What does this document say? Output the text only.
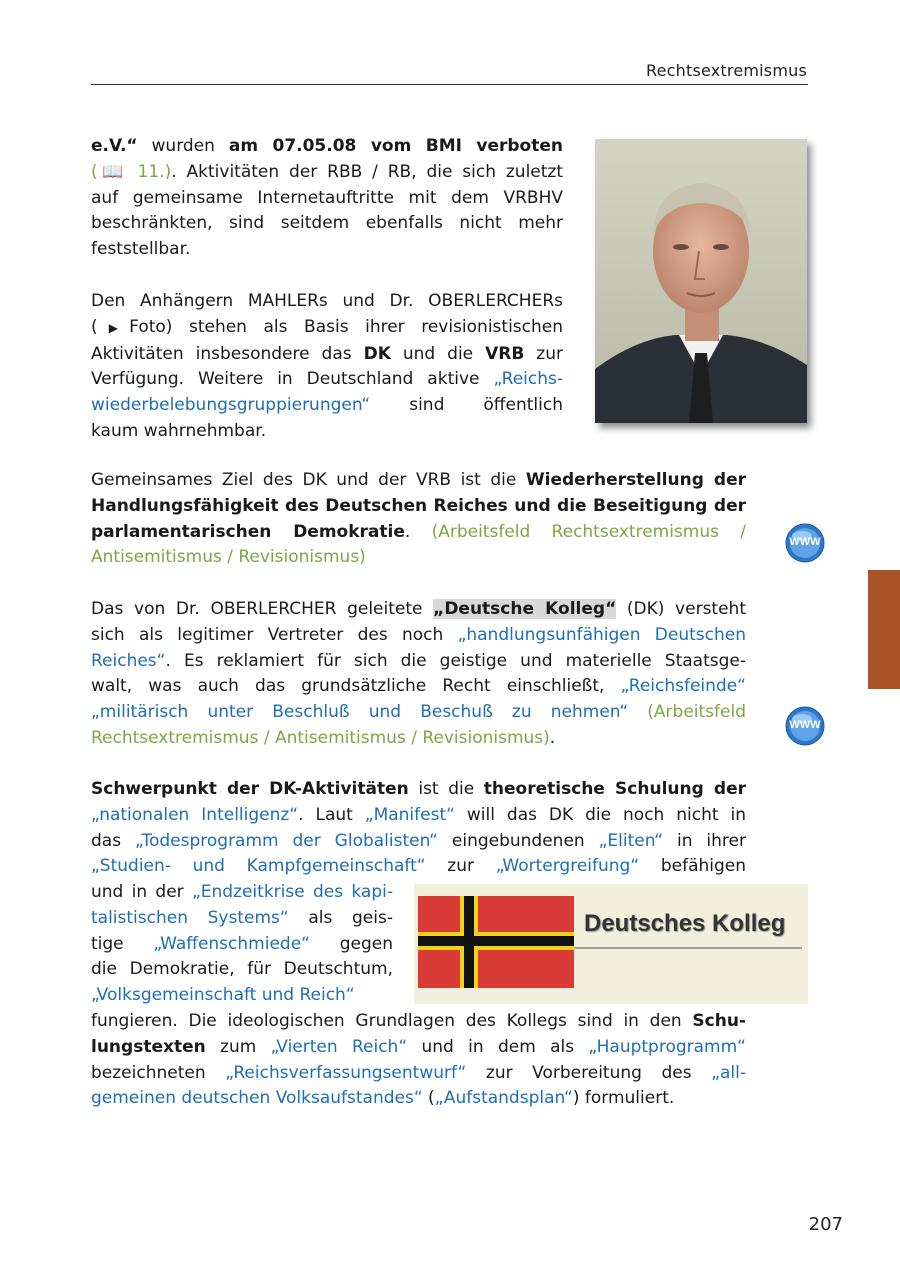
Rechtsextremismus
e.V.“ wurden am 07.05.08 vom BMI verboten
(📖 11.). Aktivitäten der RBB / RB, die sich zuletzt
auf gemeinsame Internetauftritte mit dem VRBHV
beschränkten, sind seitdem ebenfalls nicht mehr
feststellbar.
Den Anhängern MAHLERs und Dr. OBERLERCHERs
(▶Foto) stehen als Basis ihrer revisionistischen
Aktivitäten insbesondere das DK und die VRB zur
Verfügung. Weitere in Deutschland aktive „Reichs-
wiederbelebungsgruppierungen“ sind öffentlich
kaum wahrnehmbar.
Gemeinsames Ziel des DK und der VRB ist die Wiederherstellung der
Handlungsfähigkeit des Deutschen Reiches und die Beseitigung der
parlamentarischen Demokratie. (Arbeitsfeld Rechtsextremismus /
Antisemitismus / Revisionismus)
Das von Dr. OBERLERCHER geleitete „Deutsche Kolleg“ (DK) versteht
sich als legitimer Vertreter des noch „handlungsunfähigen Deutschen
Reiches“. Es reklamiert für sich die geistige und materielle Staatsge-
walt, was auch das grundsätzliche Recht einschließt, „Reichsfeinde“
„militärisch unter Beschluß und Beschuß zu nehmen“ (Arbeitsfeld
Rechtsextremismus / Antisemitismus / Revisionismus).
Schwerpunkt der DK-Aktivitäten ist die theoretische Schulung der
„nationalen Intelligenz“. Laut „Manifest“ will das DK die noch nicht in
das „Todesprogramm der Globalisten“ eingebundenen „Eliten“ in ihrer
„Studien- und Kampfgemeinschaft“ zur „Wortergreifung“ befähigen
und in der „Endzeitkrise des kapi-
talistischen Systems“ als geis-
tige „Waffenschmiede“ gegen
die Demokratie, für Deutschtum,
„Volksgemeinschaft und Reich“
fungieren. Die ideologischen Grundlagen des Kollegs sind in den Schu-
lungstexten zum „Vierten Reich“ und in dem als „Hauptprogramm“
bezeichneten „Reichsverfassungsentwurf“ zur Vorbereitung des „all-
gemeinen deutschen Volksaufstandes“ („Aufstandsplan“) formuliert.
Deutsches Kolleg
WWW
WWW
207
